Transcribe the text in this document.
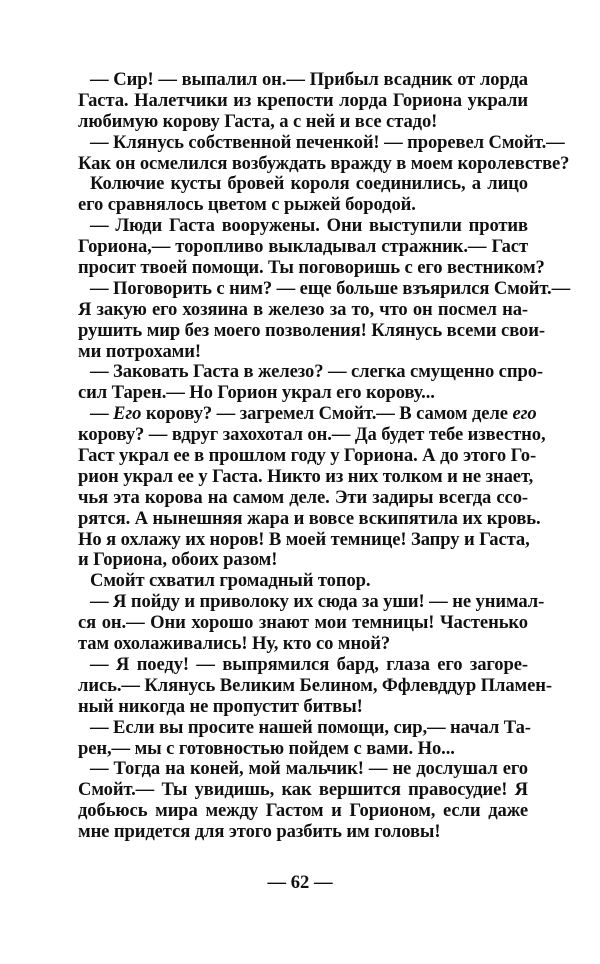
— Сир! — выпалил он.— Прибыл всадник от лорда
Гаста. Налетчики из крепости лорда Гориона украли
любимую корову Гаста, а с ней и все стадо!
— Клянусь собственной печенкой! — проревел Смойт.—
Как он осмелился возбуждать вражду в моем королевстве?
Колючие кусты бровей короля соединились, а лицо
его сравнялось цветом с рыжей бородой.
— Люди Гаста вооружены. Они выступили против
Гориона,— торопливо выкладывал стражник.— Гаст
просит твоей помощи. Ты поговоришь с его вестником?
— Поговорить с ним? — еще больше взъярился Смойт.—
Я закую его хозяина в железо за то, что он посмел на-
рушить мир без моего позволения! Клянусь всеми свои-
ми потрохами!
— Заковать Гаста в железо? — слегка смущенно спро-
сил Тарен.— Но Горион украл его корову...
— Его корову? — загремел Смойт.— В самом деле его
корову? — вдруг захохотал он.— Да будет тебе известно,
Гаст украл ее в прошлом году у Гориона. А до этого Го-
рион украл ее у Гаста. Никто из них толком и не знает,
чья эта корова на самом деле. Эти задиры всегда ссо-
рятся. А нынешняя жара и вовсе вскипятила их кровь.
Но я охлажу их норов! В моей темнице! Запру и Гаста,
и Гориона, обоих разом!
Смойт схватил громадный топор.
— Я пойду и приволоку их сюда за уши! — не унимал-
ся он.— Они хорошо знают мои темницы! Частенько
там охолаживались! Ну, кто со мной?
— Я поеду! — выпрямился бард, глаза его загоре-
лись.— Клянусь Великим Белином, Ффлевддур Пламен-
ный никогда не пропустит битвы!
— Если вы просите нашей помощи, сир,— начал Та-
рен,— мы с готовностью пойдем с вами. Но...
— Тогда на коней, мой мальчик! — не дослушал его
Смойт.— Ты увидишь, как вершится правосудие! Я
добьюсь мира между Гастом и Горионом, если даже
мне придется для этого разбить им головы!
— 62 —
